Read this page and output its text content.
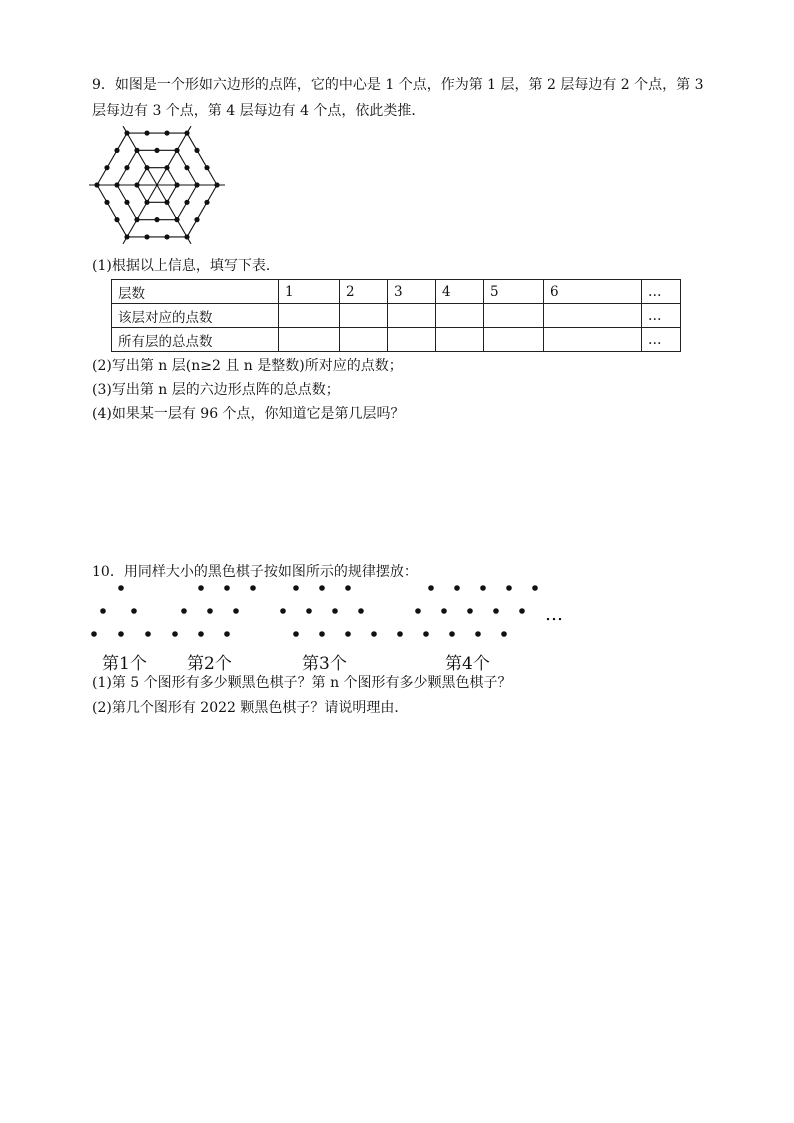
9．如图是一个形如六边形的点阵，它的中心是 1 个点，作为第 1 层，第 2 层每边有 2 个点，第 3
层每边有 3 个点，第 4 层每边有 4 个点，依此类推．
(1)根据以上信息，填写下表．
层数	1	2	3	4	5	6	…
该层对应的点数							…
所有层的总点数							…
(2)写出第 n 层(n≥2 且 n 是整数)所对应的点数；
(3)写出第 n 层的六边形点阵的总点数；
(4)如果某一层有 96 个点，你知道它是第几层吗？
10．用同样大小的黑色棋子按如图所示的规律摆放：
…
第1个 第2个	第3个	第4个
(1)第 5 个图形有多少颗黑色棋子？第 n 个图形有多少颗黑色棋子？
(2)第几个图形有 2022 颗黑色棋子？请说明理由．
